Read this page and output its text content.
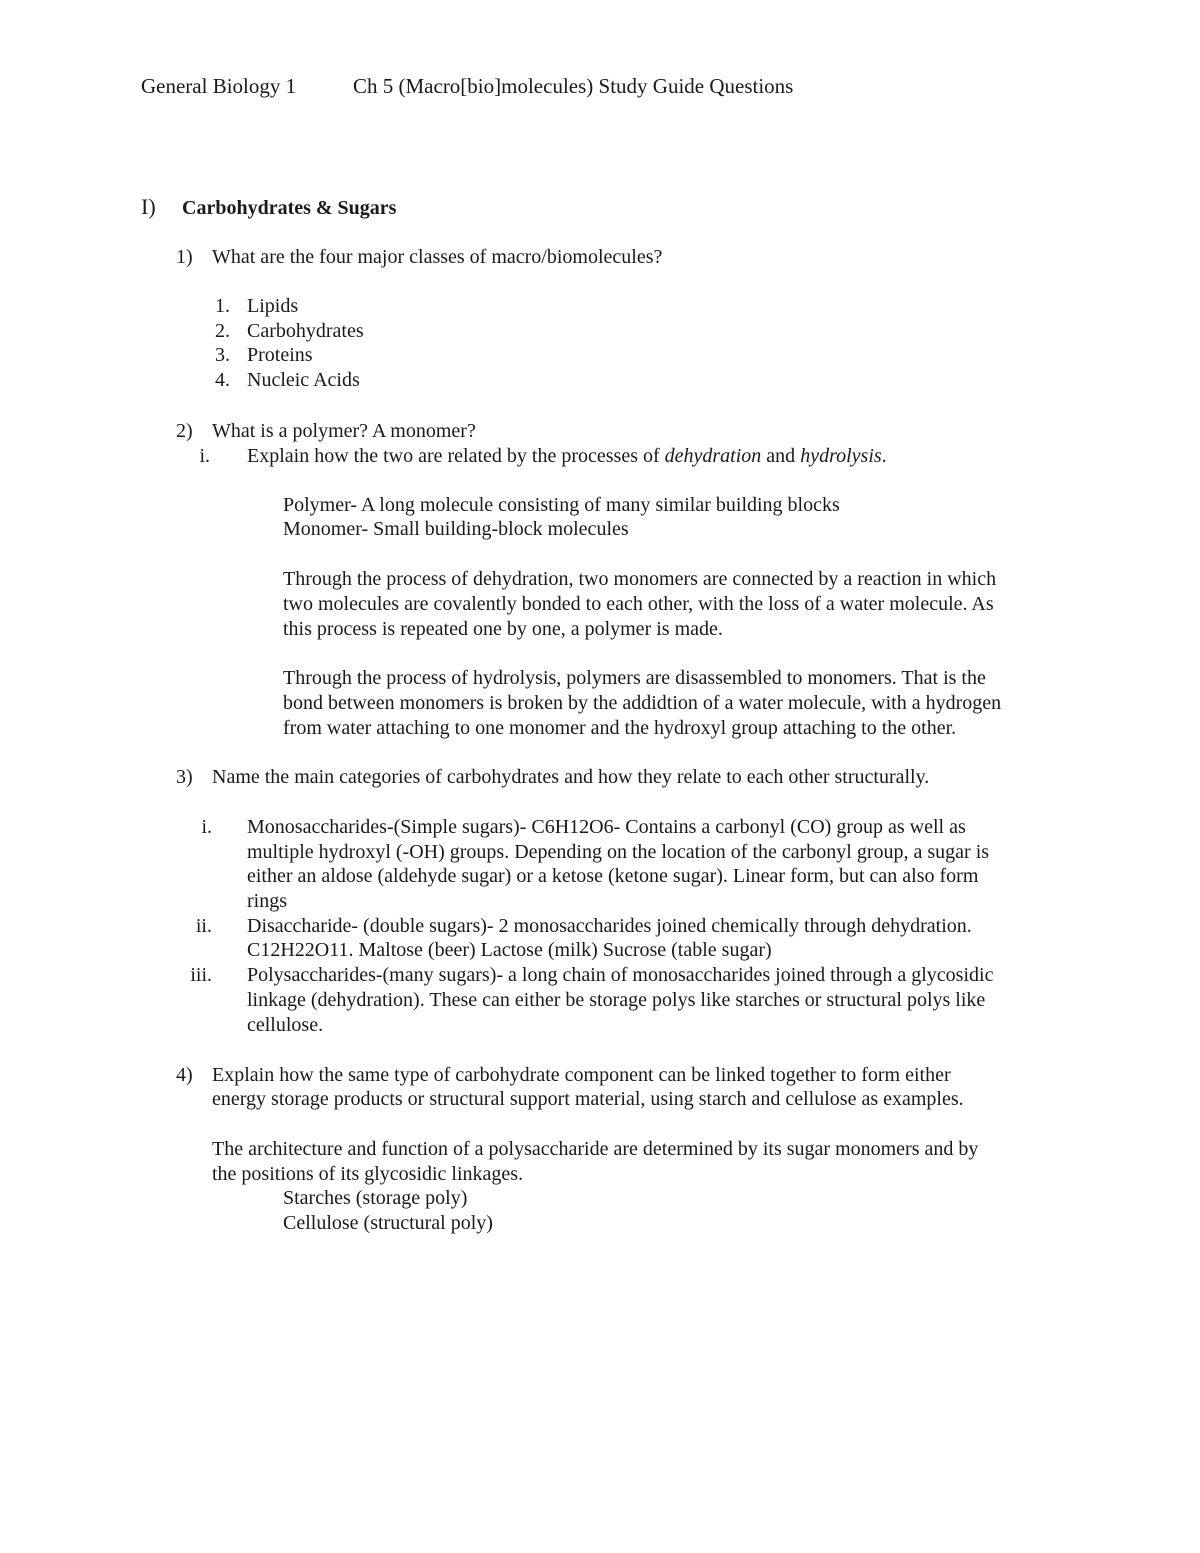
General Biology 1	Ch 5 (Macro[bio]molecules) Study Guide Questions
I) Carbohydrates & Sugars
1) What are the four major classes of macro/biomolecules?
1. Lipids
2. Carbohydrates
3. Proteins
4. Nucleic Acids
2) What is a polymer? A monomer?
i. Explain how the two are related by the processes of dehydration and hydrolysis.
Polymer- A long molecule consisting of many similar building blocks
Monomer- Small building-block molecules
Through the process of dehydration, two monomers are connected by a reaction in which
two molecules are covalently bonded to each other, with the loss of a water molecule. As
this process is repeated one by one, a polymer is made.
Through the process of hydrolysis, polymers are disassembled to monomers. That is the
bond between monomers is broken by the addidtion of a water molecule, with a hydrogen
from water attaching to one monomer and the hydroxyl group attaching to the other.
3) Name the main categories of carbohydrates and how they relate to each other structurally.
i. Monosaccharides-(Simple sugars)- C6H12O6- Contains a carbonyl (CO) group as well as
multiple hydroxyl (-OH) groups. Depending on the location of the carbonyl group, a sugar is
either an aldose (aldehyde sugar) or a ketose (ketone sugar). Linear form, but can also form
rings
ii. Disaccharide- (double sugars)- 2 monosaccharides joined chemically through dehydration.
C12H22O11. Maltose (beer) Lactose (milk) Sucrose (table sugar)
iii. Polysaccharides-(many sugars)- a long chain of monosaccharides joined through a glycosidic
linkage (dehydration). These can either be storage polys like starches or structural polys like
cellulose.
4) Explain how the same type of carbohydrate component can be linked together to form either
energy storage products or structural support material, using starch and cellulose as examples.
The architecture and function of a polysaccharide are determined by its sugar monomers and by
the positions of its glycosidic linkages.
Starches (storage poly)
Cellulose (structural poly)
